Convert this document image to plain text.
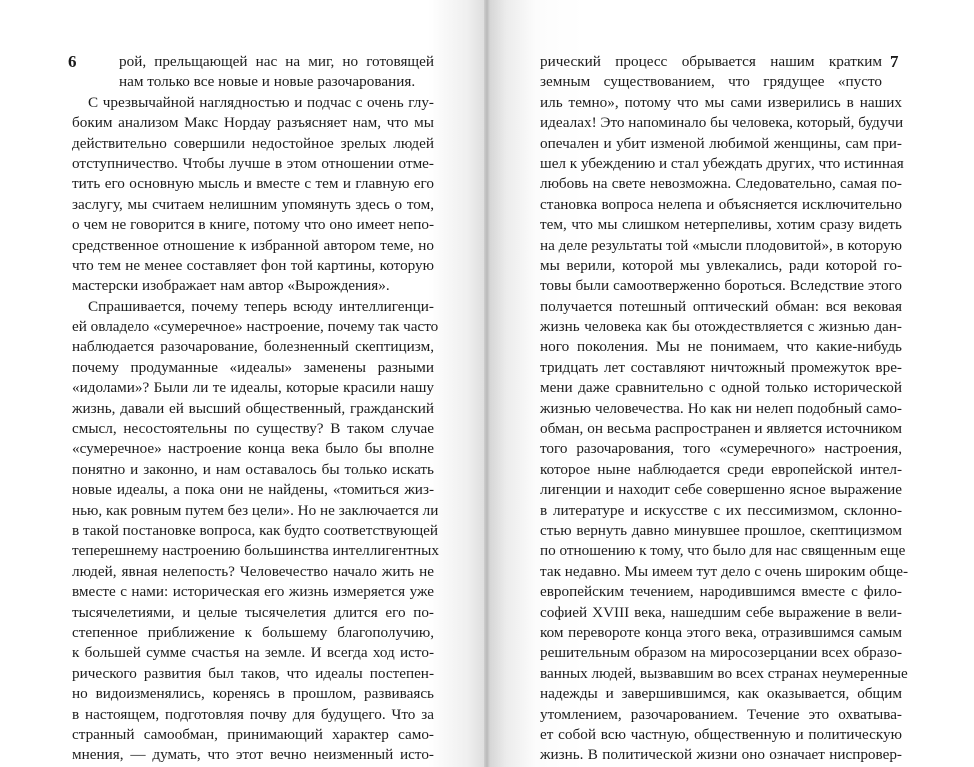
6	7
рой, прельщающей нас на миг, но готовящей
нам только все новые и новые разочарования.
С чрезвычайной наглядностью и подчас с очень глу-
боким анализом Макс Нордау разъясняет нам, что мы
действительно совершили недостойное зрелых людей
отступничество. Чтобы лучше в этом отношении отме-
тить его основную мысль и вместе с тем и главную его
заслугу, мы считаем нелишним упомянуть здесь о том,
о чем не говорится в книге, потому что оно имеет непо-
средственное отношение к избранной автором теме, но
что тем не менее составляет фон той картины, которую
мастерски изображает нам автор «Вырождения».
Спрашивается, почему теперь всюду интеллигенци-
ей овладело «сумеречное» настроение, почему так часто
наблюдается разочарование, болезненный скептицизм,
почему продуманные «идеалы» заменены разными
«идолами»? Были ли те идеалы, которые красили нашу
жизнь, давали ей высший общественный, гражданский
смысл, несостоятельны по существу? В таком случае
«сумеречное» настроение конца века было бы вполне
понятно и законно, и нам оставалось бы только искать
новые идеалы, а пока они не найдены, «томиться жиз-
нью, как ровным путем без цели». Но не заключается ли
в такой постановке вопроса, как будто соответствующей
теперешнему настроению большинства интеллигентных
людей, явная нелепость? Человечество начало жить не
вместе с нами: историческая его жизнь измеряется уже
тысячелетиями, и целые тысячелетия длится его по-
степенное приближение к большему благополучию,
к большей сумме счастья на земле. И всегда ход исто-
рического развития был таков, что идеалы постепен-
но видоизменялись, коренясь в прошлом, развиваясь
в настоящем, подготовляя почву для будущего. Что за
странный самообман, принимающий характер само-
мнения, — думать, что этот вечно неизменный исто-
рический процесс обрывается нашим кратким
земным существованием, что грядущее «пусто
иль темно», потому что мы сами изверились в наших
идеалах! Это напоминало бы человека, который, будучи
опечален и убит изменой любимой женщины, сам при-
шел к убеждению и стал убеждать других, что истинная
любовь на свете невозможна. Следовательно, самая по-
становка вопроса нелепа и объясняется исключительно
тем, что мы слишком нетерпеливы, хотим сразу видеть
на деле результаты той «мысли плодовитой», в которую
мы верили, которой мы увлекались, ради которой го-
товы были самоотверженно бороться. Вследствие этого
получается потешный оптический обман: вся вековая
жизнь человека как бы отождествляется с жизнью дан-
ного поколения. Мы не понимаем, что какие-нибудь
тридцать лет составляют ничтожный промежуток вре-
мени даже сравнительно с одной только исторической
жизнью человечества. Но как ни нелеп подобный само-
обман, он весьма распространен и является источником
того разочарования, того «сумеречного» настроения,
которое ныне наблюдается среди европейской интел-
лигенции и находит себе совершенно ясное выражение
в литературе и искусстве с их пессимизмом, склонно-
стью вернуть давно минувшее прошлое, скептицизмом
по отношению к тому, что было для нас священным еще
так недавно. Мы имеем тут дело с очень широким обще-
европейским течением, народившимся вместе с фило-
софией XVIII века, нашедшим себе выражение в вели-
ком перевороте конца этого века, отразившимся самым
решительным образом на миросозерцании всех образо-
ванных людей, вызвавшим во всех странах неумеренные
надежды и завершившимся, как оказывается, общим
утомлением, разочарованием. Течение это охватыва-
ет собой всю частную, общественную и политическую
жизнь. В политической жизни оно означает ниспровер-
